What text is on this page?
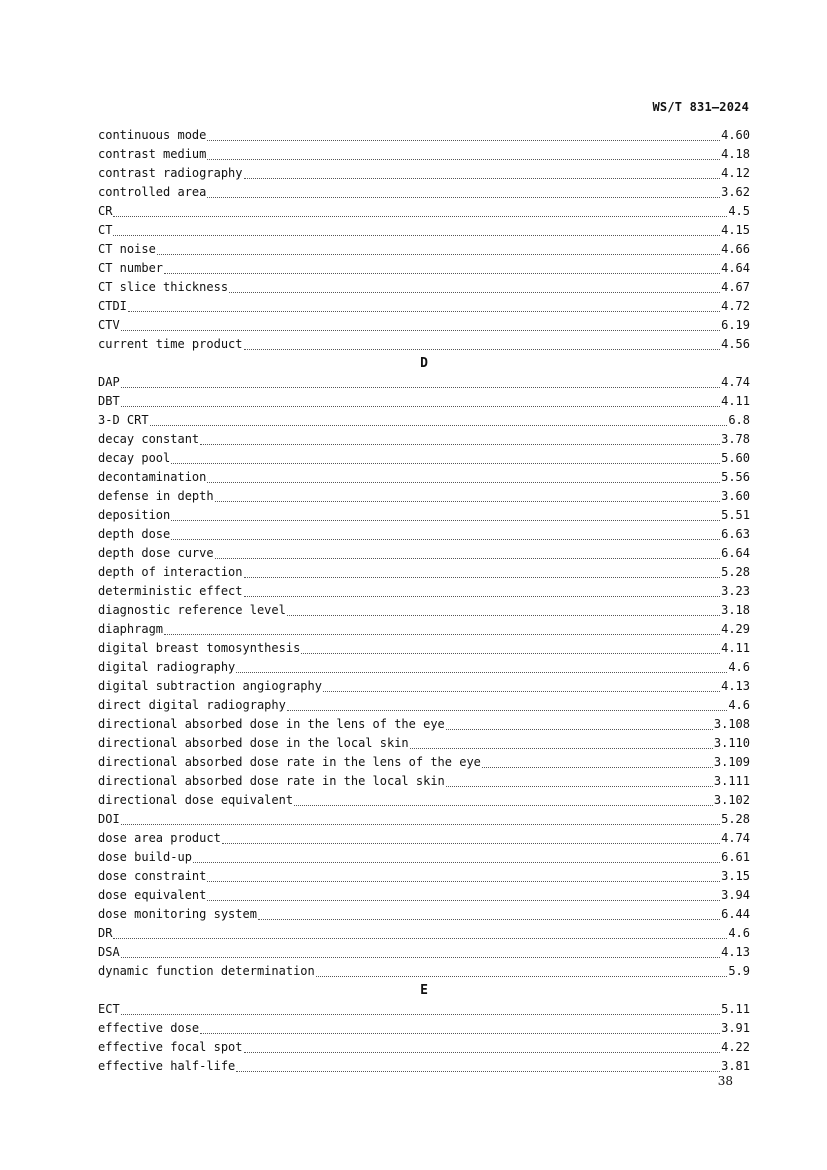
WS/T 831—2024
continuous mode	4.60
contrast medium	4.18
contrast radiography	4.12
controlled area	3.62
CR	4.5
CT	4.15
CT noise	4.66
CT number	4.64
CT slice thickness	4.67
CTDI	4.72
CTV	6.19
current time product	4.56
D
DAP	4.74
DBT	4.11
3-D CRT	6.8
decay constant	3.78
decay pool	5.60
decontamination	5.56
defense in depth	3.60
deposition	5.51
depth dose	6.63
depth dose curve	6.64
depth of interaction	5.28
deterministic effect	3.23
diagnostic reference level	3.18
diaphragm	4.29
digital breast tomosynthesis	4.11
digital radiography	4.6
digital subtraction angiography	4.13
direct digital radiography	4.6
directional absorbed dose in the lens of the eye	3.108
directional absorbed dose in the local skin	3.110
directional absorbed dose rate in the lens of the eye	3.109
directional absorbed dose rate in the local skin	3.111
directional dose equivalent	3.102
DOI	5.28
dose area product	4.74
dose build-up	6.61
dose constraint	3.15
dose equivalent	3.94
dose monitoring system	6.44
DR	4.6
DSA	4.13
dynamic function determination	5.9
E
ECT	5.11
effective dose	3.91
effective focal spot	4.22
effective half-life	3.81
38
